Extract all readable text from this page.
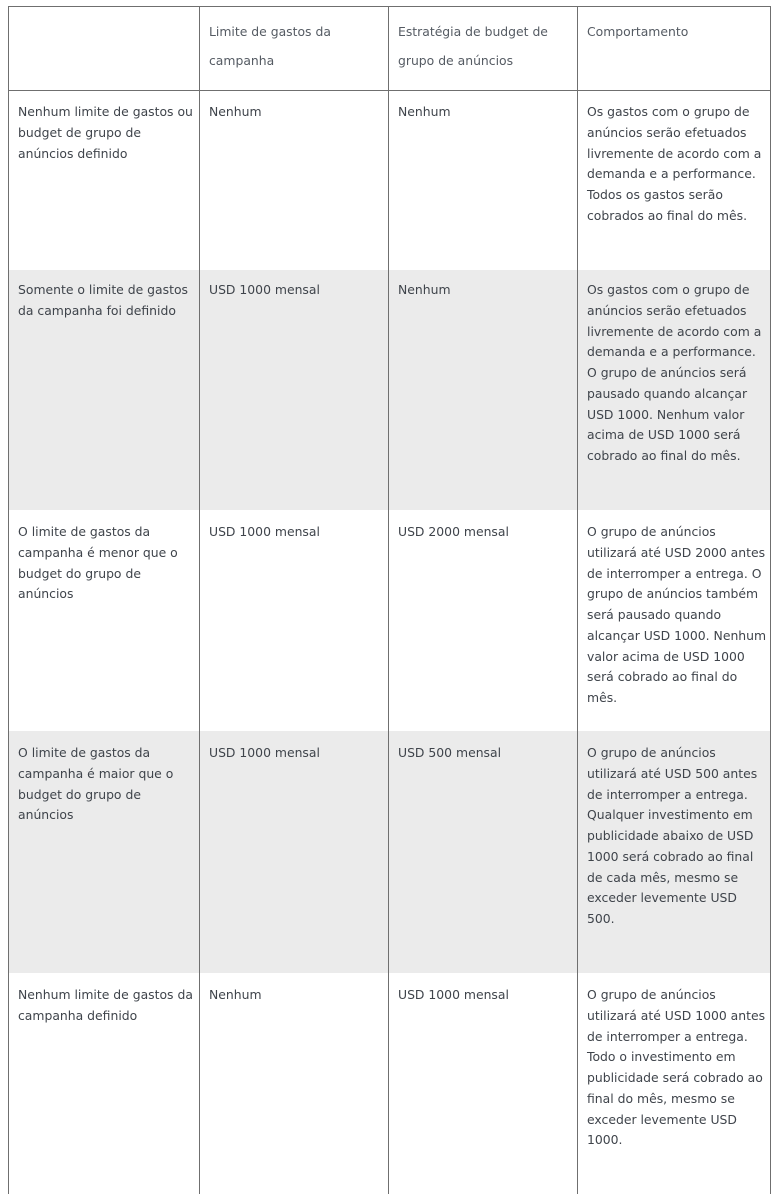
	Limite de gastos da campanha	Estratégia de budget de grupo de anúncios	Comportamento
Nenhum limite de gastos ou budget de grupo de anúncios definido	Nenhum	Nenhum	Os gastos com o grupo de anúncios serão efetuados livremente de acordo com a demanda e a performance. Todos os gastos serão cobrados ao final do mês.
Somente o limite de gastos da campanha foi definido	USD 1000 mensal	Nenhum	Os gastos com o grupo de anúncios serão efetuados livremente de acordo com a demanda e a performance. O grupo de anúncios será pausado quando alcançar USD 1000. Nenhum valor acima de USD 1000 será cobrado ao final do mês.
O limite de gastos da campanha é menor que o budget do grupo de anúncios	USD 1000 mensal	USD 2000 mensal	O grupo de anúncios utilizará até USD 2000 antes de interromper a entrega. O grupo de anúncios também será pausado quando alcançar USD 1000. Nenhum valor acima de USD 1000 será cobrado ao final do mês.
O limite de gastos da campanha é maior que o budget do grupo de anúncios	USD 1000 mensal	USD 500 mensal	O grupo de anúncios utilizará até USD 500 antes de interromper a entrega. Qualquer investimento em publicidade abaixo de USD 1000 será cobrado ao final de cada mês, mesmo se exceder levemente USD 500.
Nenhum limite de gastos da campanha definido	Nenhum	USD 1000 mensal	O grupo de anúncios utilizará até USD 1000 antes de interromper a entrega. Todo o investimento em publicidade será cobrado ao final do mês, mesmo se exceder levemente USD 1000.
